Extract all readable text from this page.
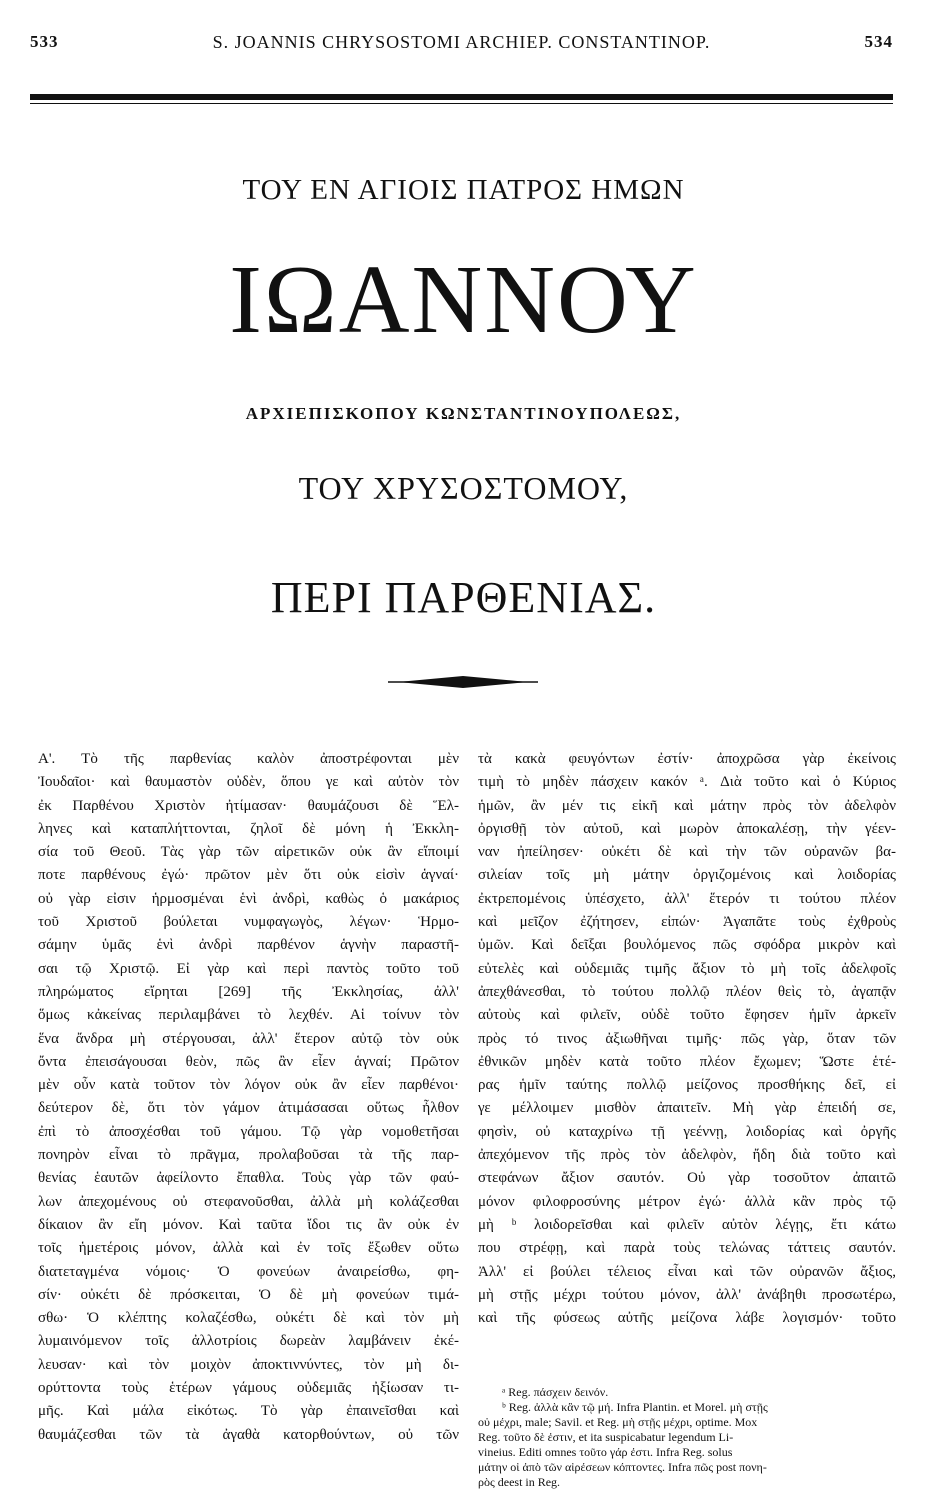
533	S. JOANNIS CHRYSOSTOMI ARCHIEP. CONSTANTINOP.	534
ΤΟΥ ΕΝ ΑΓΙΟΙΣ ΠΑΤΡΟΣ ΗΜΩΝ
ΙΩΑΝΝΟΥ
ΑΡΧΙΕΠΙΣΚΟΠΟΥ ΚΩΝΣΤΑΝΤΙΝΟΥΠΟΛΕΩΣ,
ΤΟΥ ΧΡΥΣΟΣΤΟΜΟΥ,
ΠΕΡΙ ΠΑΡΘΕΝΙΑΣ.
Α'. Τὸ τῆς παρθενίας καλὸν ἀποστρέφονται μὲν
Ἰουδαῖοι· καὶ θαυμαστὸν οὐδὲν, ὅπου γε καὶ αὐτὸν τὸν
ἐκ Παρθένου Χριστὸν ἠτίμασαν· θαυμάζουσι δὲ Ἕλ-
ληνες καὶ καταπλήττονται, ζηλοῖ δὲ μόνη ἡ Ἐκκλη-
σία τοῦ Θεοῦ. Τὰς γὰρ τῶν αἱρετικῶν οὐκ ἂν εἴποιμί
ποτε παρθένους ἐγώ· πρῶτον μὲν ὅτι οὐκ εἰσὶν ἁγναί·
οὐ γὰρ εἰσιν ἡρμοσμέναι ἑνὶ ἀνδρὶ, καθὼς ὁ μακάριος
τοῦ Χριστοῦ βούλεται νυμφαγωγὸς, λέγων· Ἡρμο-
σάμην ὑμᾶς ἑνὶ ἀνδρὶ παρθένον ἁγνὴν παραστῆ-
σαι τῷ Χριστῷ. Εἰ γὰρ καὶ περὶ παντὸς τοῦτο τοῦ
πληρώματος εἴρηται [269] τῆς Ἐκκλησίας, ἀλλ'
ὅμως κἀκείνας περιλαμβάνει τὸ λεχθέν. Αἱ τοίνυν τὸν
ἕνα ἄνδρα μὴ στέργουσαι, ἀλλ' ἕτερον αὐτῷ τὸν οὐκ
ὄντα ἐπεισάγουσαι θεὸν, πῶς ἂν εἶεν ἁγναί; Πρῶτον
μὲν οὖν κατὰ τοῦτον τὸν λόγον οὐκ ἂν εἶεν παρθένοι·
δεύτερον δὲ, ὅτι τὸν γάμον ἀτιμάσασαι οὕτως ἦλθον
ἐπὶ τὸ ἀποσχέσθαι τοῦ γάμου. Τῷ γὰρ νομοθετῆσαι
πονηρὸν εἶναι τὸ πρᾶγμα, προλαβοῦσαι τὰ τῆς παρ-
θενίας ἑαυτῶν ἀφείλοντο ἔπαθλα. Τοὺς γὰρ τῶν φαύ-
λων ἀπεχομένους οὐ στεφανοῦσθαι, ἀλλὰ μὴ κολάζεσθαι
δίκαιον ἂν εἴη μόνον. Καὶ ταῦτα ἴδοι τις ἂν οὐκ ἐν
τοῖς ἡμετέροις μόνον, ἀλλὰ καὶ ἐν τοῖς ἔξωθεν οὕτω
διατεταγμένα νόμοις· Ὁ φονεύων ἀναιρείσθω, φη-
σίν· οὐκέτι δὲ πρόσκειται, Ὁ δὲ μὴ φονεύων τιμά-
σθω· Ὁ κλέπτης κολαζέσθω, οὐκέτι δὲ καὶ τὸν μὴ
λυμαινόμενον τοῖς ἀλλοτρίοις δωρεὰν λαμβάνειν ἐκέ-
λευσαν· καὶ τὸν μοιχὸν ἀποκτιννύντες, τὸν μὴ δι-
ορύττοντα τοὺς ἑτέρων γάμους οὐδεμιᾶς ἠξίωσαν τι-
μῆς. Καὶ μάλα εἰκότως. Τὸ γὰρ ἐπαινεῖσθαι καὶ
θαυμάζεσθαι τῶν τὰ ἀγαθὰ κατορθούντων, οὐ τῶν
τὰ κακὰ φευγόντων ἐστίν· ἀποχρῶσα γὰρ ἐκείνοις
τιμὴ τὸ μηδὲν πάσχειν κακόν ᵃ. Διὰ τοῦτο καὶ ὁ Κύριος
ἡμῶν, ἂν μέν τις εἰκῆ καὶ μάτην πρὸς τὸν ἀδελφὸν
ὀργισθῇ τὸν αὐτοῦ, καὶ μωρὸν ἀποκαλέσῃ, τὴν γέεν-
ναν ἠπείλησεν· οὐκέτι δὲ καὶ τὴν τῶν οὐρανῶν βα-
σιλείαν τοῖς μὴ μάτην ὀργιζομένοις καὶ λοιδορίας
ἐκτρεπομένοις ὑπέσχετο, ἀλλ' ἕτερόν τι τούτου πλέον
καὶ μεῖζον ἐζήτησεν, εἰπών· Ἀγαπᾶτε τοὺς ἐχθροὺς
ὑμῶν. Καὶ δεῖξαι βουλόμενος πῶς σφόδρα μικρὸν καὶ
εὐτελὲς καὶ οὐδεμιᾶς τιμῆς ἄξιον τὸ μὴ τοῖς ἀδελφοῖς
ἀπεχθάνεσθαι, τὸ τούτου πολλῷ πλέον θεὶς τὸ, ἀγαπᾷν
αὐτοὺς καὶ φιλεῖν, οὐδὲ τοῦτο ἔφησεν ἡμῖν ἀρκεῖν
πρὸς τό τινος ἀξιωθῆναι τιμῆς· πῶς γὰρ, ὅταν τῶν
ἐθνικῶν μηδὲν κατὰ τοῦτο πλέον ἔχωμεν; Ὥστε ἑτέ-
ρας ἡμῖν ταύτης πολλῷ μείζονος προσθήκης δεῖ, εἰ
γε μέλλοιμεν μισθὸν ἀπαιτεῖν. Μὴ γὰρ ἐπειδή σε,
φησὶν, οὐ καταχρίνω τῇ γεέννῃ, λοιδορίας καὶ ὀργῆς
ἀπεχόμενον τῆς πρὸς τὸν ἀδελφὸν, ἤδη διὰ τοῦτο καὶ
στεφάνων ἄξιον σαυτόν. Οὐ γὰρ τοσοῦτον ἀπαιτῶ
μόνον φιλοφροσύνης μέτρον ἐγώ· ἀλλὰ κἂν πρὸς τῷ
μὴ ᵇ λοιδορεῖσθαι καὶ φιλεῖν αὐτὸν λέγῃς, ἔτι κάτω
που στρέφῃ, καὶ παρὰ τοὺς τελώνας τάττεις σαυτόν.
Ἀλλ' εἰ βούλει τέλειος εἶναι καὶ τῶν οὐρανῶν ἄξιος,
μὴ στῇς μέχρι τούτου μόνον, ἀλλ' ἀνάβηθι προσωτέρω,
καὶ τῆς φύσεως αὐτῆς μείζονα λάβε λογισμόν· τοῦτο
ᵃ Reg. πάσχειν δεινόν.
ᵇ Reg. ἀλλὰ κἂν τῷ μή. Infra Plantin. et Morel. μὴ στῇς
οὐ μέχρι, male; Savil. et Reg. μὴ στῇς μέχρι, optime. Mox
Reg. τοῦτο δὲ ἐστιν, et ita suspicabatur legendum Li-
vineius. Editi omnes τοῦτο γάρ ἐστι. Infra Reg. solus
μάτην οἱ ἀπὸ τῶν αἱρέσεων κόπτοντες. Infra πῶς post πονη-
ρὸς deest in Reg.
